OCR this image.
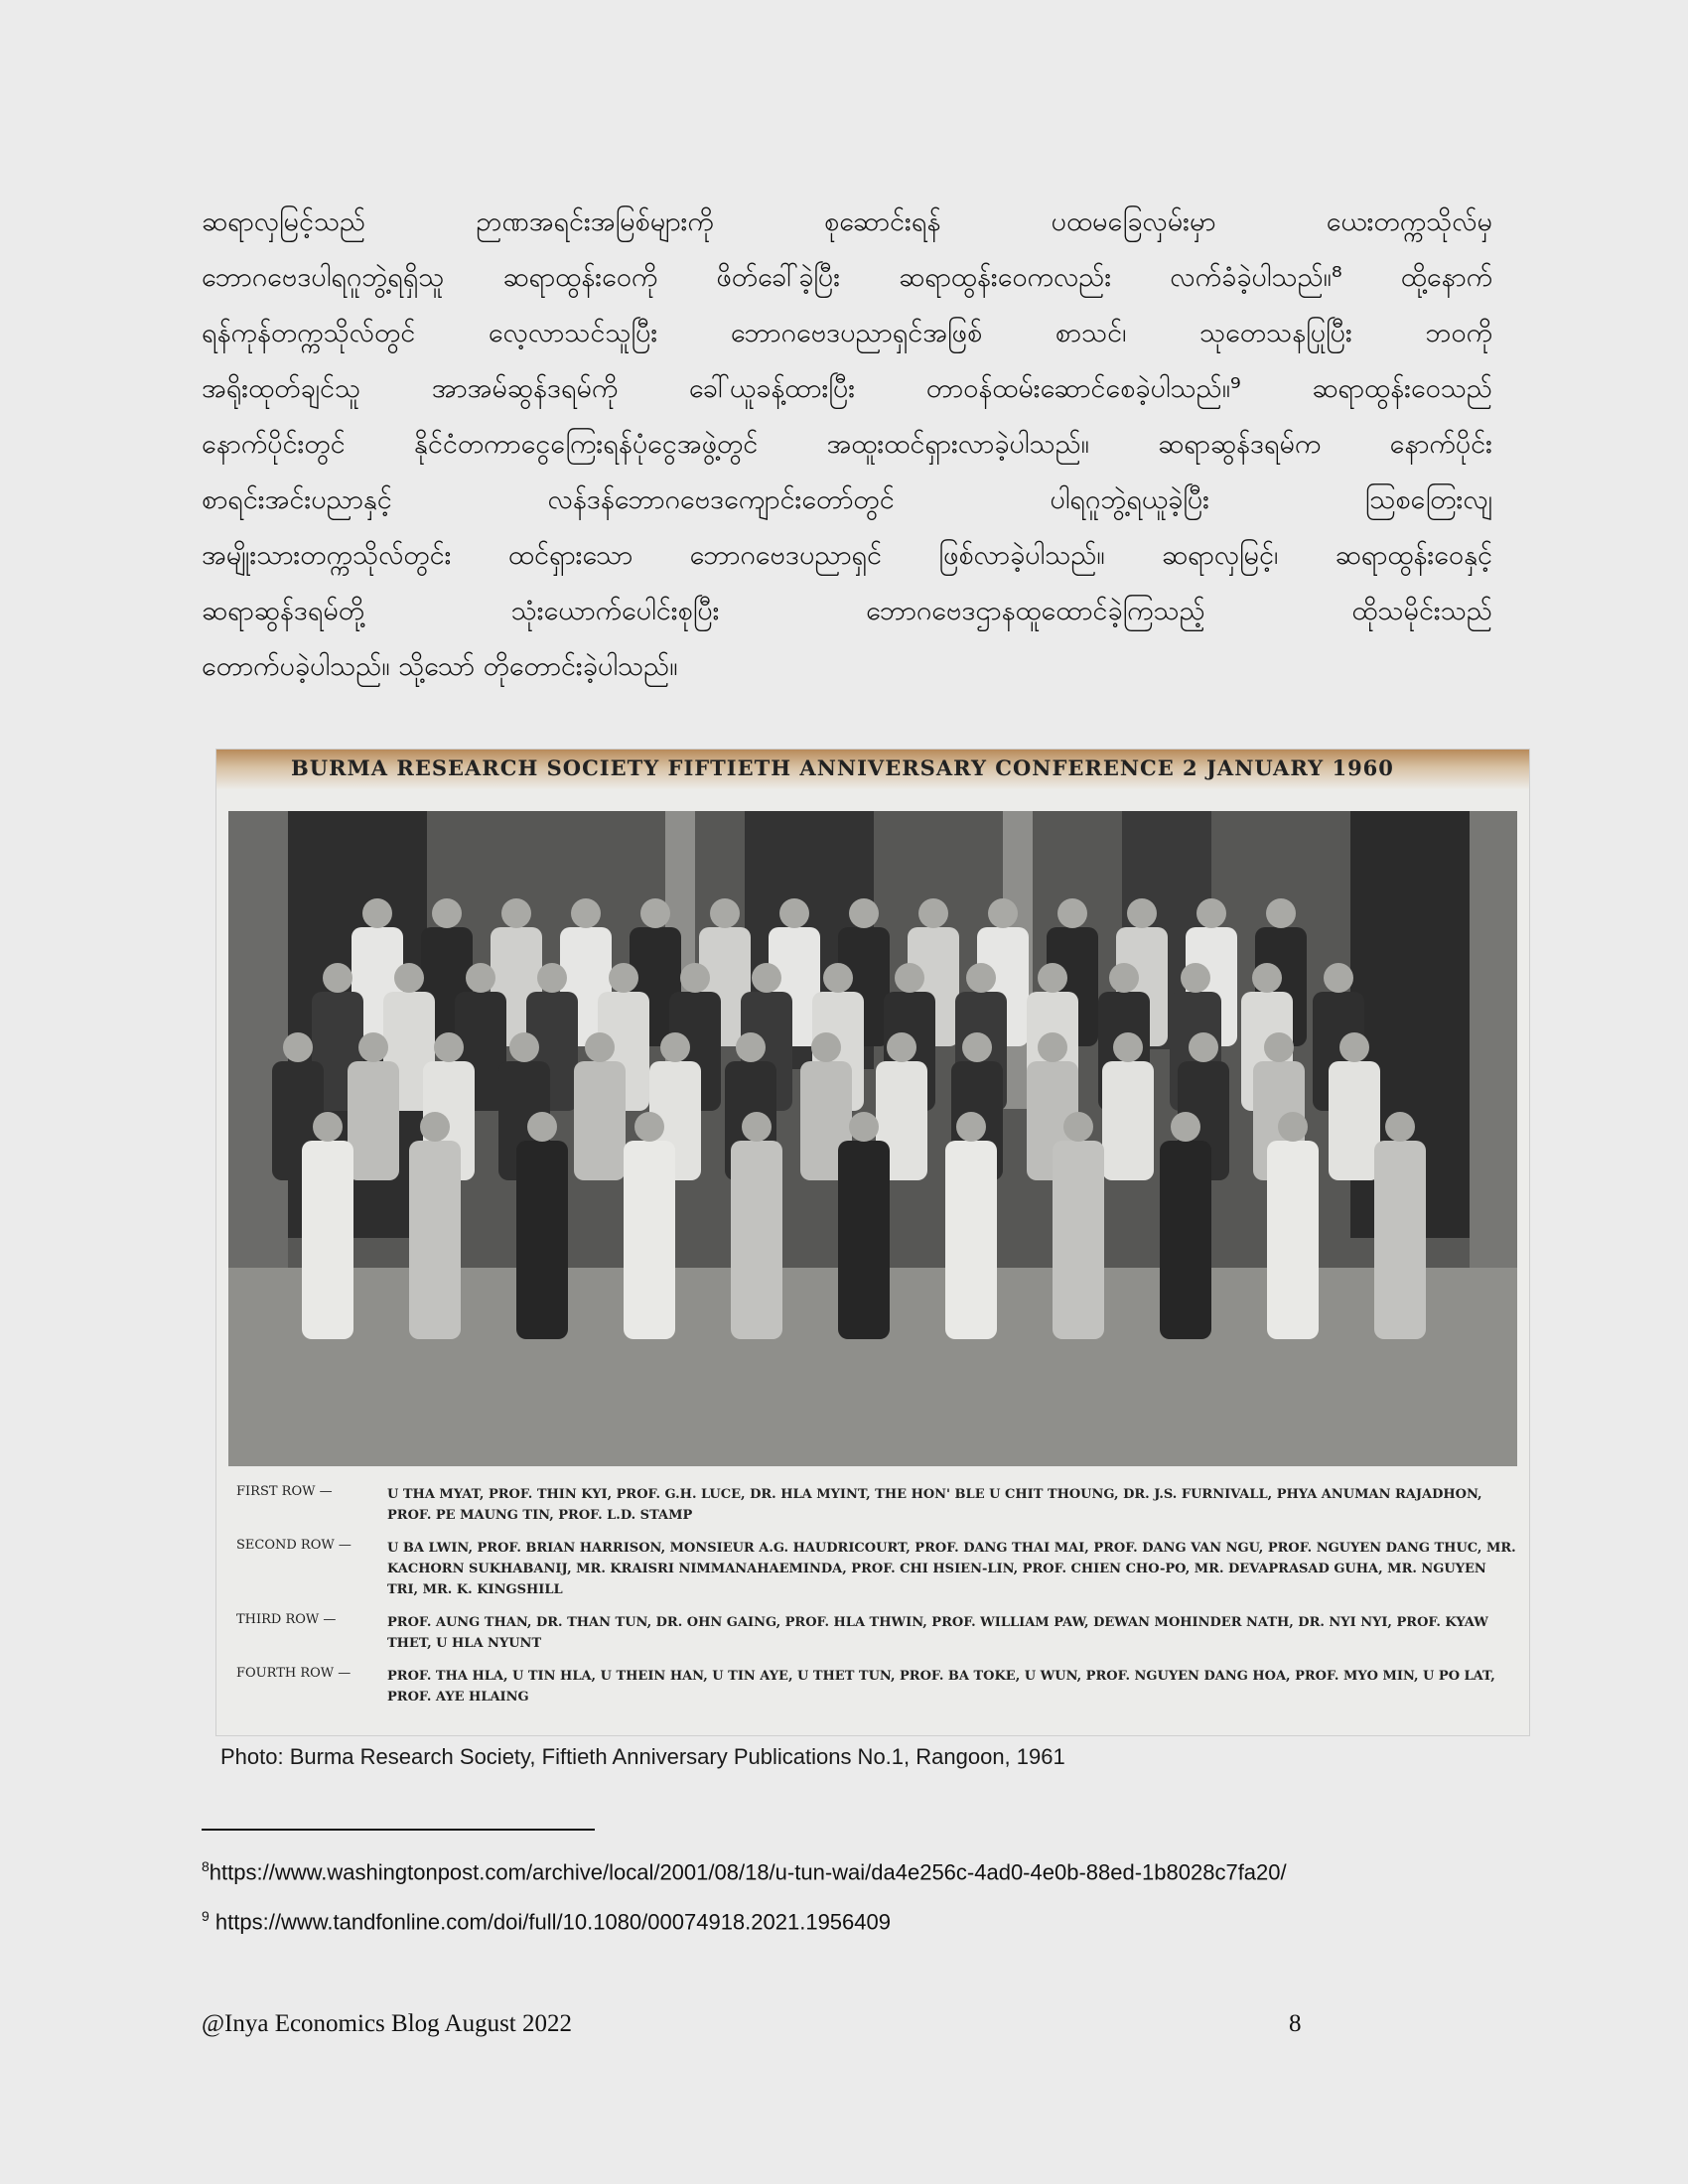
ဆရာလှမြင့်သည် ဉာဏအရင်းအမြစ်များကို စုဆောင်းရန် ပထမခြေလှမ်းမှာ ယေးတက္ကသိုလ်မှ
ဘောဂဗေဒပါရဂူဘွဲ့ရရှိသူ ဆရာထွန်းဝေကို ဖိတ်ခေါ်ခဲ့ပြီး ဆရာထွန်းဝေကလည်း လက်ခံခဲ့ပါသည်။⁸ ထို့နောက်
ရန်ကုန်တက္ကသိုလ်တွင် လေ့လာသင်သူပြီး ဘောဂဗေဒပညာရှင်အဖြစ် စာသင်၊ သုတေသနပြုပြီး ဘဝကို
အရိုးထုတ်ချင်သူ အာအမ်ဆွန်ဒရမ်ကို ခေါ်ယူခန့်ထားပြီး တာဝန်ထမ်းဆောင်စေခဲ့ပါသည်။⁹ ဆရာထွန်းဝေသည်
နောက်ပိုင်းတွင် နိုင်ငံတကာငွေကြေးရန်ပုံငွေအဖွဲ့တွင် အထူးထင်ရှားလာခဲ့ပါသည်။ ဆရာဆွန်ဒရမ်က နောက်ပိုင်း
စာရင်းအင်းပညာနှင့် လန်ဒန်ဘောဂဗေဒကျောင်းတော်တွင် ပါရဂူဘွဲ့ရယူခဲ့ပြီး ဩစတြေးလျ
အမျိုးသားတက္ကသိုလ်တွင်း ထင်ရှားသော ဘောဂဗေဒပညာရှင် ဖြစ်လာခဲ့ပါသည်။ ဆရာလှမြင့်၊ ဆရာထွန်းဝေနှင့်
ဆရာဆွန်ဒရမ်တို့ သုံးယောက်ပေါင်းစုပြီး ဘောဂဗေဒဌာနထူထောင်ခဲ့ကြသည့် ထိုသမိုင်းသည်
တောက်ပခဲ့ပါသည်။ သို့သော် တိုတောင်းခဲ့ပါသည်။
BURMA RESEARCH SOCIETY FIFTIETH ANNIVERSARY CONFERENCE 2 JANUARY 1960
FIRST ROW —	U THA MYAT, PROF. THIN KYI, PROF. G.H. LUCE, DR. HLA MYINT, THE HON' BLE U CHIT THOUNG, DR. J.S. FURNIVALL, PHYA ANUMAN RAJADHON, PROF. PE MAUNG TIN, PROF. L.D. STAMP
SECOND ROW —	U BA LWIN, PROF. BRIAN HARRISON, MONSIEUR A.G. HAUDRICOURT, PROF. DANG THAI MAI, PROF. DANG VAN NGU, PROF. NGUYEN DANG THUC, MR. KACHORN SUKHABANIJ, MR. KRAISRI NIMMANAHAEMINDA, PROF. CHI HSIEN-LIN, PROF. CHIEN CHO-PO, MR. DEVAPRASAD GUHA, MR. NGUYEN TRI, MR. K. KINGSHILL
THIRD ROW —	PROF. AUNG THAN, DR. THAN TUN, DR. OHN GAING, PROF. HLA THWIN, PROF. WILLIAM PAW, DEWAN MOHINDER NATH, DR. NYI NYI, PROF. KYAW THET, U HLA NYUNT
FOURTH ROW —	PROF. THA HLA, U TIN HLA, U THEIN HAN, U TIN AYE, U THET TUN, PROF. BA TOKE, U WUN, PROF. NGUYEN DANG HOA, PROF. MYO MIN, U PO LAT, PROF. AYE HLAING
Photo: Burma Research Society, Fiftieth Anniversary Publications No.1, Rangoon, 1961
$^8$https://www.washingtonpost.com/archive/local/2001/08/18/u-tun-wai/da4e256c-4ad0-4e0b-88ed-1b8028c7fa20/
$^9$ https://www.tandfonline.com/doi/full/10.1080/00074918.2021.1956409
@Inya Economics Blog August 2022	8
